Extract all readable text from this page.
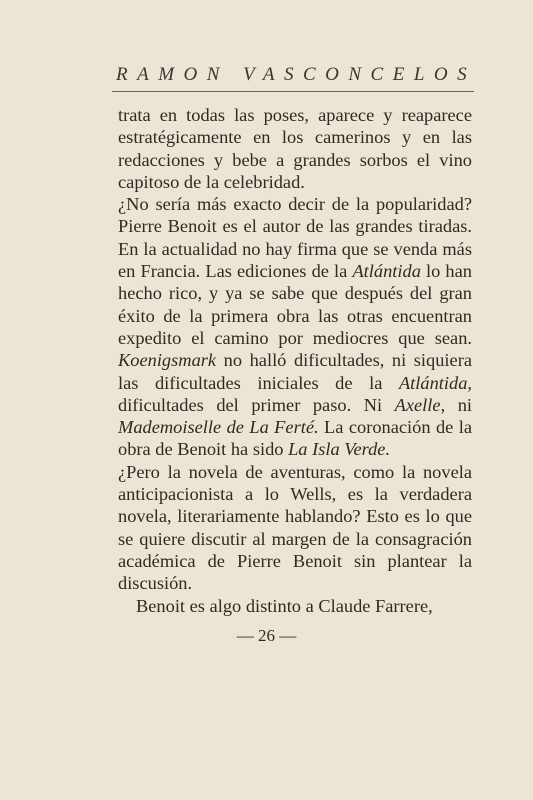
RAMON VASCONCELOS

trata en todas las poses, aparece y reaparece estratégicamente en los camerinos y en las redacciones y bebe a grandes sorbos el vino capitoso de la celebridad.

¿No sería más exacto decir de la popularidad? Pierre Benoit es el autor de las grandes tiradas. En la actualidad no hay firma que se venda más en Francia. Las ediciones de la Atlántida lo han hecho rico, y ya se sabe que después del gran éxito de la primera obra las otras encuentran expedito el camino por mediocres que sean. Koenigsmark no halló dificultades, ni siquiera las dificultades iniciales de la Atlántida, dificultades del primer paso. Ni Axelle, ni Mademoiselle de La Ferté. La coronación de la obra de Benoit ha sido La Isla Verde.

¿Pero la novela de aventuras, como la novela anticipacionista a lo Wells, es la verdadera novela, literariamente hablando? Esto es lo que se quiere discutir al margen de la consagración académica de Pierre Benoit sin plantear la discusión.

Benoit es algo distinto a Claude Farrere,

— 26 —
